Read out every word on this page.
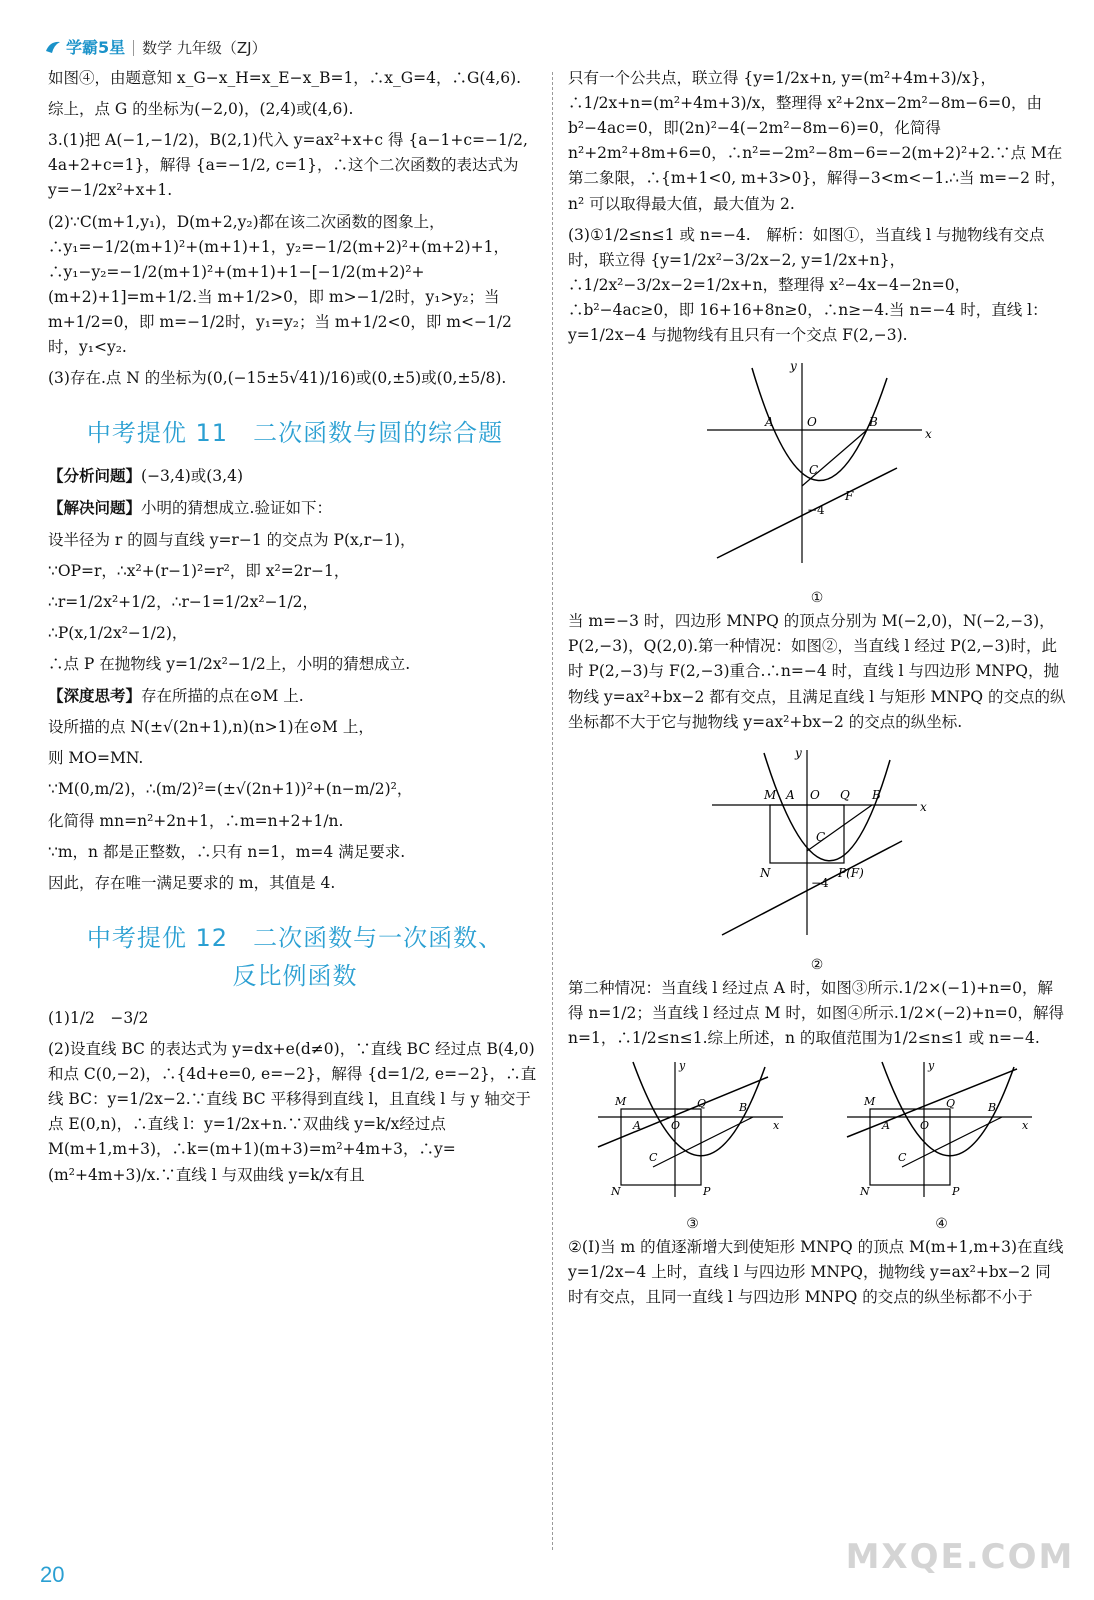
学霸5星 数学 九年级（ZJ）

如图④，由题意知 x_G−x_H=x_E−x_B=1，∴x_G=4，∴G(4,6).

综上，点 G 的坐标为(−2,0)，(2,4)或(4,6).

3.(1)把 A(−1,−1/2)，B(2,1)代入 y=ax²+x+c 得 {a−1+c=−1/2, 4a+2+c=1}，解得 {a=−1/2, c=1}，∴这个二次函数的表达式为 y=−1/2x²+x+1.

(2)∵C(m+1,y₁)，D(m+2,y₂)都在该二次函数的图象上，∴y₁=−1/2(m+1)²+(m+1)+1，y₂=−1/2(m+2)²+(m+2)+1，∴y₁−y₂=−1/2(m+1)²+(m+1)+1−[−1/2(m+2)²+(m+2)+1]=m+1/2.当 m+1/2>0，即 m>−1/2时，y₁>y₂；当 m+1/2=0，即 m=−1/2时，y₁=y₂；当 m+1/2<0，即 m<−1/2时，y₁<y₂.

(3)存在.点 N 的坐标为(0,(−15±5√41)/16)或(0,±5)或(0,±5/8).

中考提优 11　二次函数与圆的综合题
【分析问题】(−3,4)或(3,4)
【解决问题】小明的猜想成立.验证如下：

设半径为 r 的圆与直线 y=r−1 的交点为 P(x,r−1)，

∵OP=r，∴x²+(r−1)²=r²，即 x²=2r−1，

∴r=1/2x²+1/2，∴r−1=1/2x²−1/2，

∴P(x,1/2x²−1/2)，

∴点 P 在抛物线 y=1/2x²−1/2上，小明的猜想成立.

【深度思考】存在所描的点在⊙M 上.

设所描的点 N(±√(2n+1),n)(n>1)在⊙M 上，

则 MO=MN.

∵M(0,m/2)，∴(m/2)²=(±√(2n+1))²+(n−m/2)²，

化简得 mn=n²+2n+1，∴m=n+2+1/n.

∵m，n 都是正整数，∴只有 n=1，m=4 满足要求.

因此，存在唯一满足要求的 m，其值是 4.

中考提优 12　二次函数与一次函数、
反比例函数

(1)1/2　−3/2

(2)设直线 BC 的表达式为 y=dx+e(d≠0)，∵直线 BC 经过点 B(4,0)和点 C(0,−2)，∴{4d+e=0, e=−2}，解得 {d=1/2, e=−2}，∴直线 BC：y=1/2x−2.∵直线 BC 平移得到直线 l，且直线 l 与 y 轴交于点 E(0,n)，∴直线 l：y=1/2x+n.∵双曲线 y=k/x经过点M(m+1,m+3)，∴k=(m+1)(m+3)=m²+4m+3，∴y=(m²+4m+3)/x.∵直线 l 与双曲线 y=k/x有且

只有一个公共点，联立得 {y=1/2x+n, y=(m²+4m+3)/x}，∴1/2x+n=(m²+4m+3)/x，整理得 x²+2nx−2m²−8m−6=0，由 b²−4ac=0，即(2n)²−4(−2m²−8m−6)=0，化简得 n²+2m²+8m+6=0，∴n²=−2m²−8m−6=−2(m+2)²+2.∵点 M在第二象限，∴{m+1<0, m+3>0}，解得−3<m<−1.∴当 m=−2 时，n² 可以取得最大值，最大值为 2.

(3)①1/2≤n≤1 或 n=−4.　解析：如图①，当直线 l 与抛物线有交点时，联立得 {y=1/2x²−3/2x−2, y=1/2x+n}，∴1/2x²−3/2x−2=1/2x+n，整理得 x²−4x−4−2n=0，∴b²−4ac≥0，即 16+16+8n≥0，∴n≥−4.当 n=−4 时，直线 l：y=1/2x−4 与抛物线有且只有一个交点 F(2,−3).

x
y
A	O	B
C
F
−4
①

当 m=−3 时，四边形 MNPQ 的顶点分别为 M(−2,0)，N(−2,−3)，P(2,−3)，Q(2,0).第一种情况：如图②，当直线 l 经过 P(2,−3)时，此时 P(2,−3)与 F(2,−3)重合.∴n=−4 时，直线 l 与四边形 MNPQ，抛物线 y=ax²+bx−2 都有交点，且满足直线 l 与矩形 MNPQ 的交点的纵坐标都不大于它与抛物线 y=ax²+bx−2 的交点的纵坐标.

x
y
M A O Q B
C
N	P(F)
−4
②

第二种情况：当直线 l 经过点 A 时，如图③所示.1/2×(−1)+n=0，解得 n=1/2；当直线 l 经过点 M 时，如图④所示.1/2×(−2)+n=0，解得 n=1，∴1/2≤n≤1.综上所述，n 的取值范围为1/2≤n≤1 或 n=−4.

x
y
M
A	O
Q	B
C
N	P
③
x
y
M
A	O
Q	B
C
N	P
④

②(Ⅰ)当 m 的值逐渐增大到使矩形 MNPQ 的顶点 M(m+1,m+3)在直线 y=1/2x−4 上时，直线 l 与四边形 MNPQ，抛物线 y=ax²+bx−2 同时有交点，且同一直线 l 与四边形 MNPQ 的交点的纵坐标都不小于

20	MXQE.COM
